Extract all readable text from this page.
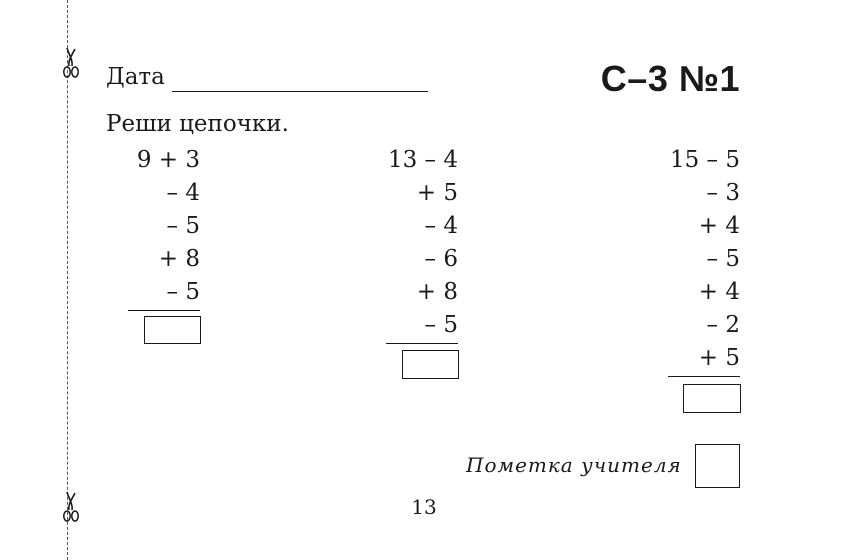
Дата	С–3 №1
Реши цепочки.
9 + 3
– 4
– 5
+ 8
– 5
13 – 4
+ 5
– 4
– 6
+ 8
– 5
15 – 5
– 3
+ 4
– 5
+ 4
– 2
+ 5
Пометка учителя
13
